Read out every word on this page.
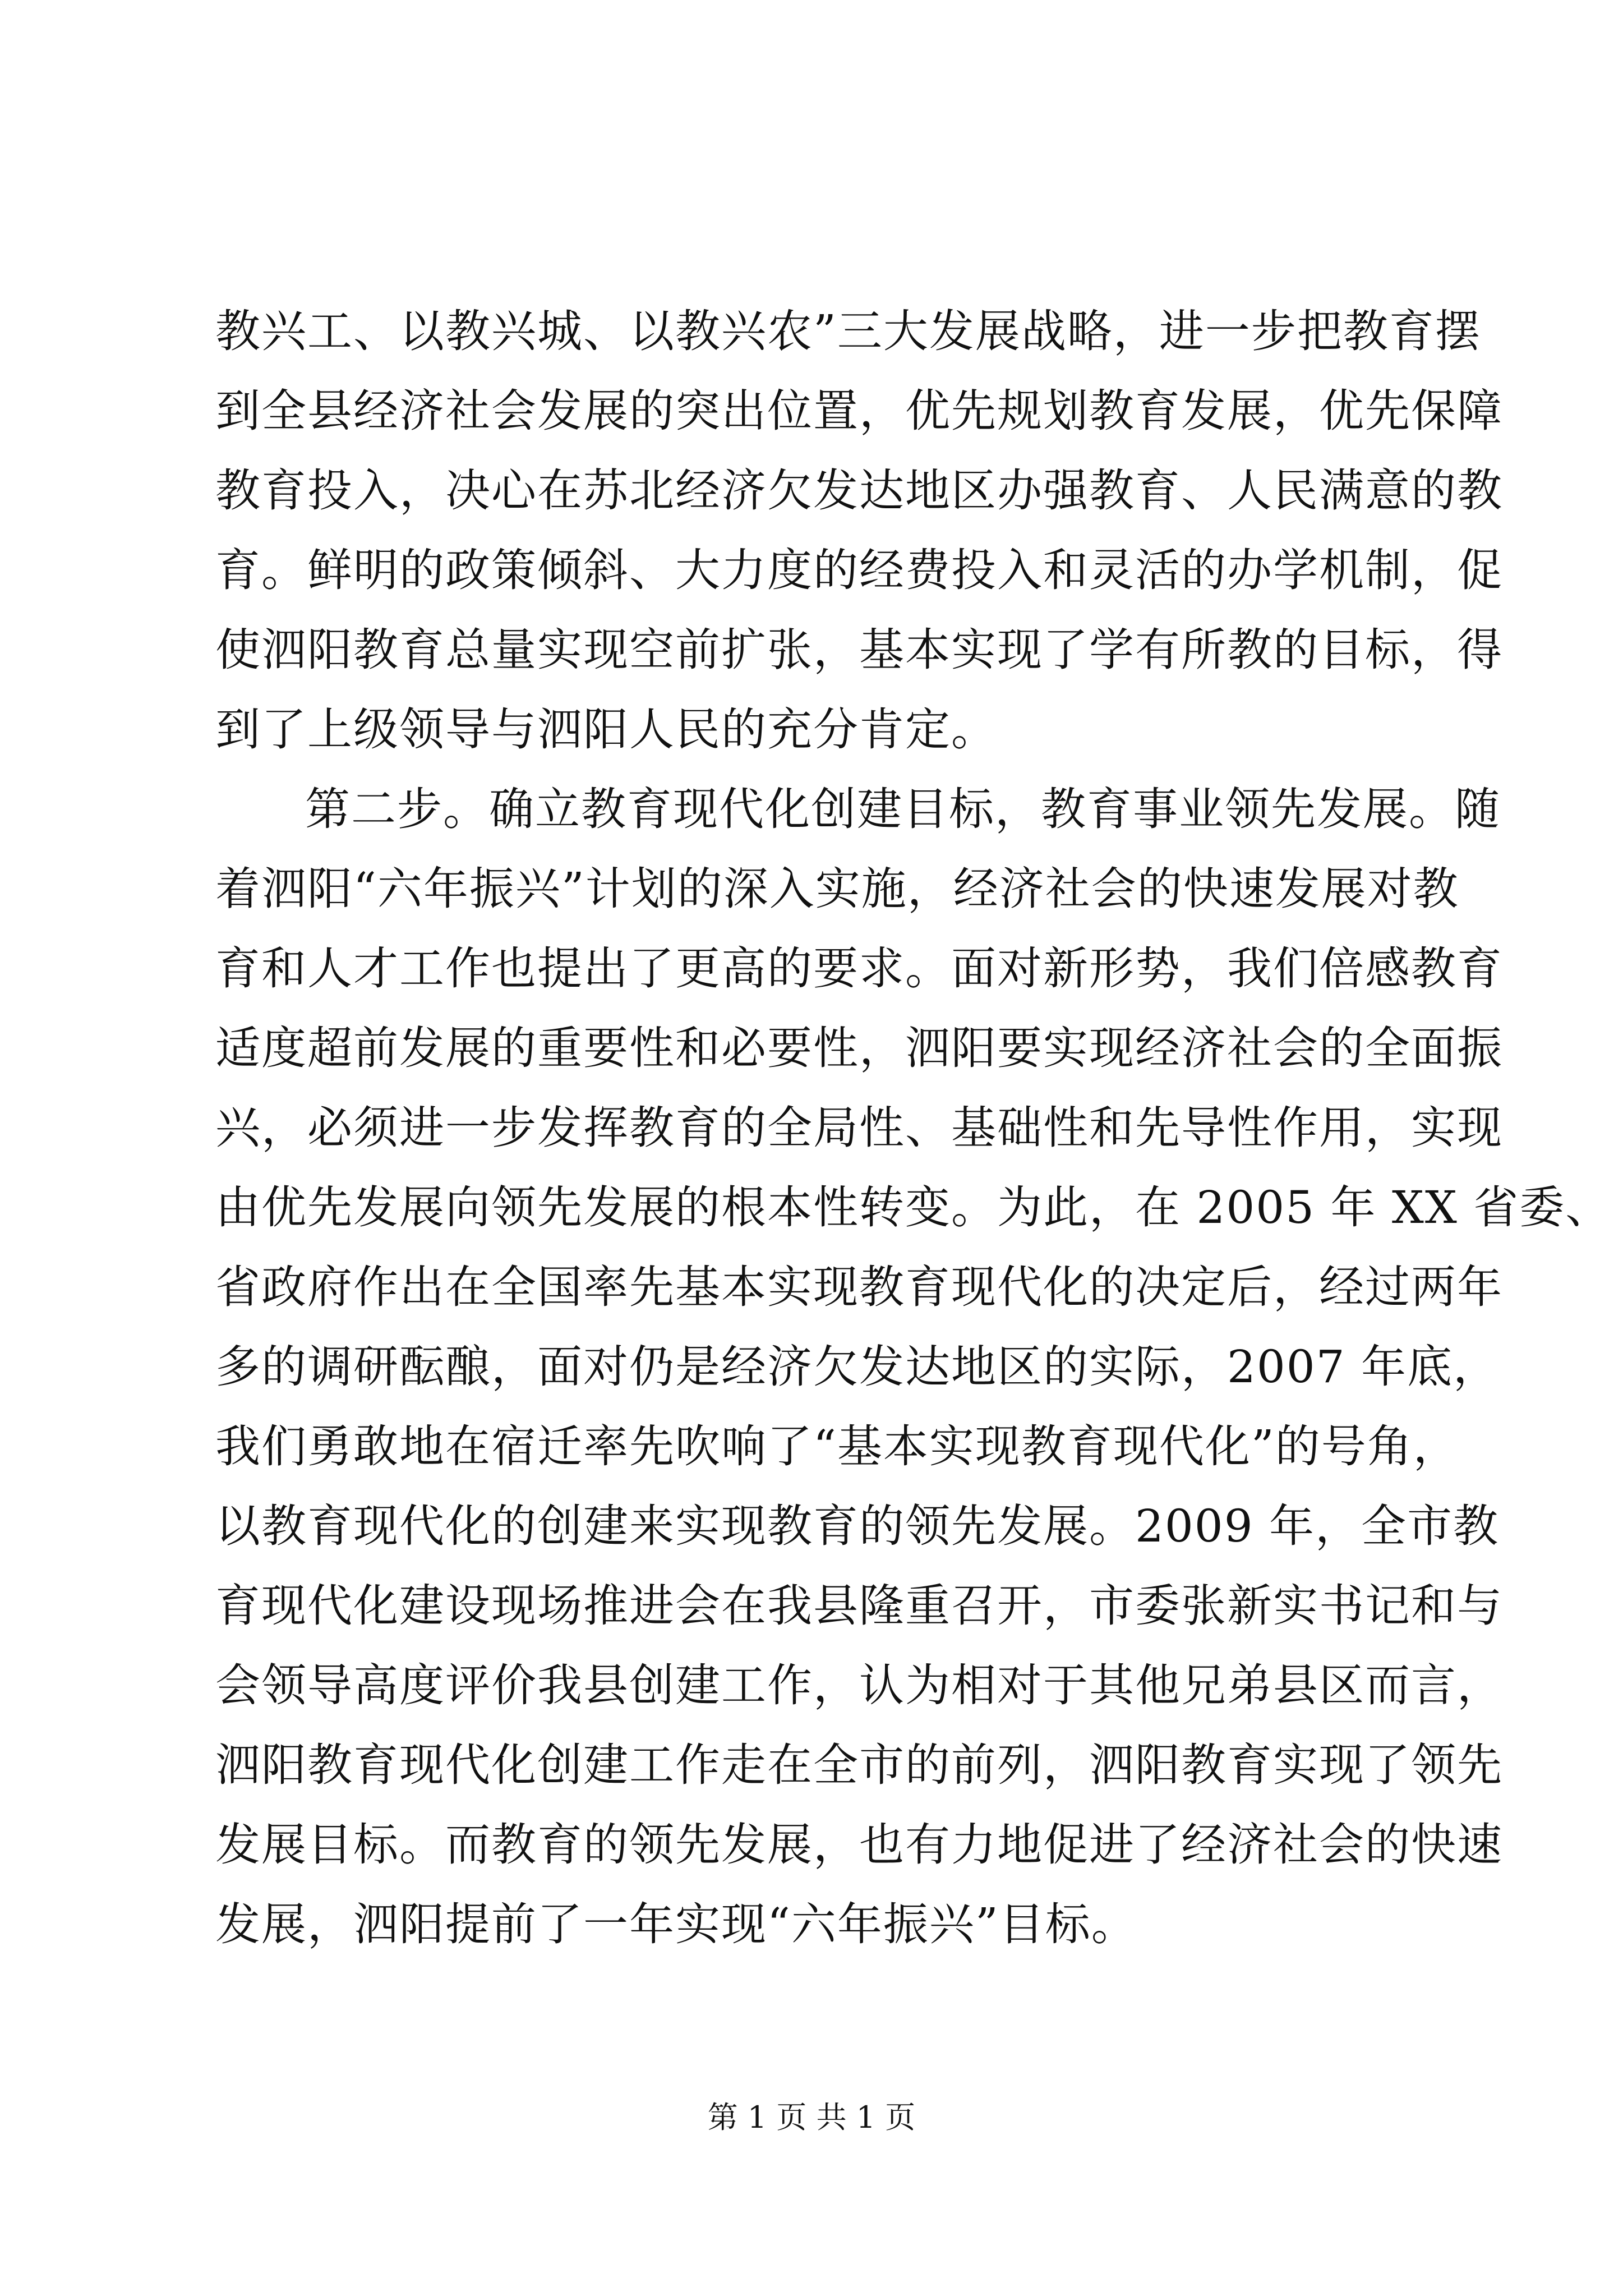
教兴工、以教兴城、以教兴农”三大发展战略，进一步把教育摆
到全县经济社会发展的突出位置，优先规划教育发展，优先保障
教育投入，决心在苏北经济欠发达地区办强教育、人民满意的教
育。鲜明的政策倾斜、大力度的经费投入和灵活的办学机制，促
使泗阳教育总量实现空前扩张，基本实现了学有所教的目标，得
到了上级领导与泗阳人民的充分肯定。
第二步。确立教育现代化创建目标，教育事业领先发展。随
着泗阳“六年振兴”计划的深入实施，经济社会的快速发展对教
育和人才工作也提出了更高的要求。面对新形势，我们倍感教育
适度超前发展的重要性和必要性，泗阳要实现经济社会的全面振
兴，必须进一步发挥教育的全局性、基础性和先导性作用，实现
由优先发展向领先发展的根本性转变。为此，在 2005 年 XX 省委、
省政府作出在全国率先基本实现教育现代化的决定后，经过两年
多的调研酝酿，面对仍是经济欠发达地区的实际，2007 年底，
我们勇敢地在宿迁率先吹响了“基本实现教育现代化”的号角，
以教育现代化的创建来实现教育的领先发展。2009 年，全市教
育现代化建设现场推进会在我县隆重召开，市委张新实书记和与
会领导高度评价我县创建工作，认为相对于其他兄弟县区而言，
泗阳教育现代化创建工作走在全市的前列，泗阳教育实现了领先
发展目标。而教育的领先发展，也有力地促进了经济社会的快速
发展，泗阳提前了一年实现“六年振兴”目标。
第 1 页 共 1 页
